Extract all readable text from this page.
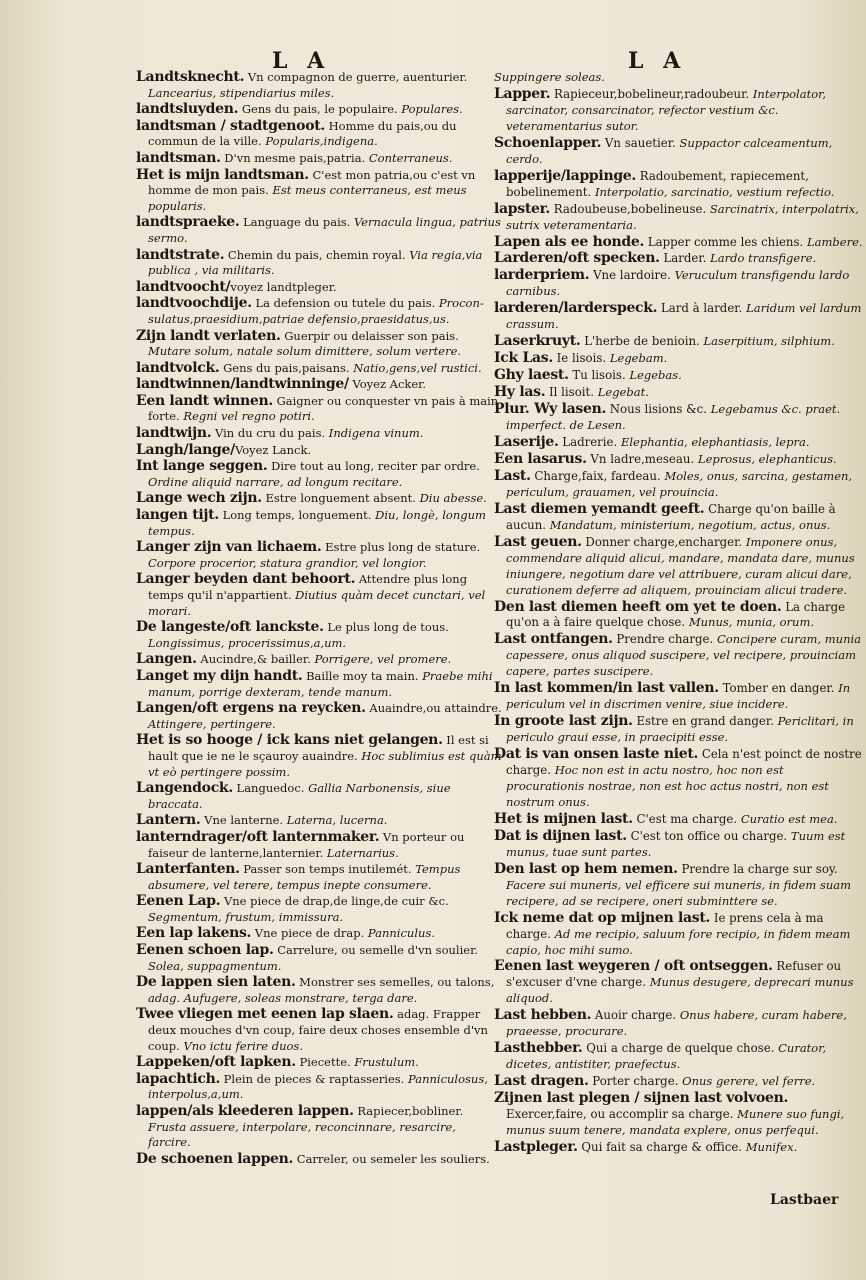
L A	L A
Landtsknecht. Vn compagnon de guerre, auenturier. Lancearius, stipendiarius miles.
landtsluyden. Gens du pais, le populaire. Populares.
landtsman / stadtgenoot. Homme du pais,ou du commun de la ville. Popularis,indigena.
landtsman. D'vn mesme pais,patria. Conterraneus.
Het is mijn landtsman. C'est mon patria,ou c'est vn homme de mon pais. Est meus conterraneus, est meus popularis.
landtspraeke. Language du pais. Vernacula lingua, patrius sermo.
landtstrate. Chemin du pais, chemin royal. Via regia,via publica , via militaris.
landtvoocht/voyez landtpleger.
landtvoochdije. La defension ou tutele du pais. Procon-sulatus,praesidium,patriae defensio,praesidatus,us.
Zijn landt verlaten. Guerpir ou delaisser son pais. Mutare solum, natale solum dimittere, solum vertere.
landtvolck. Gens du pais,paisans. Natio,gens,vel rustici.
landtwinnen/landtwinninge/ Voyez Acker.
Een landt winnen. Gaigner ou conquester vn pais à main forte. Regni vel regno potiri.
landtwijn. Vin du cru du pais. Indigena vinum.
Langh/lange/Voyez Lanck.
Int lange seggen. Dire tout au long, reciter par ordre. Ordine aliquid narrare, ad longum recitare.
Lange wech zijn. Estre longuement absent. Diu abesse.
langen tijt. Long temps, longuement. Diu, longè, longum tempus.
Langer zijn van lichaem. Estre plus long de stature. Corpore procerior, statura grandior, vel longior.
Langer beyden dant behoort. Attendre plus long temps qu'il n'appartient. Diutius quàm decet cunctari, vel morari.
De langeste/oft lanckste. Le plus long de tous. Longissimus, procerissimus,a,um.
Langen. Aucindre,& bailler. Porrigere, vel promere.
Langet my dijn handt. Baille moy ta main. Praebe mihi manum, porrige dexteram, tende manum.
Langen/oft ergens na reycken. Auaindre,ou attaindre. Attingere, pertingere.
Het is so hooge / ick kans niet gelangen. Il est si hault que ie ne le sçauroy auaindre. Hoc sublimius est quàm vt eò pertingere possim.
Langendock. Languedoc. Gallia Narbonensis, siue braccata.
Lantern. Vne lanterne. Laterna, lucerna.
lanterndrager/oft lanternmaker. Vn porteur ou faiseur de lanterne,lanternier. Laternarius.
Lanterfanten. Passer son temps inutilemét. Tempus absumere, vel terere, tempus inepte consumere.
Eenen Lap. Vne piece de drap,de linge,de cuir &c. Segmentum, frustum, immissura.
Een lap lakens. Vne piece de drap. Panniculus.
Eenen schoen lap. Carrelure, ou semelle d'vn soulier. Solea, suppagmentum.
De lappen sien laten. Monstrer ses semelles, ou talons, adag. Aufugere, soleas monstrare, terga dare.
Twee vliegen met eenen lap slaen. adag. Frapper deux mouches d'vn coup, faire deux choses ensemble d'vn coup. Vno ictu ferire duos.
Lappeken/oft lapken. Piecette. Frustulum.
lapachtich. Plein de pieces & raptasseries. Panniculosus, interpolus,a,um.
lappen/als kleederen lappen. Rapiecer,bobliner. Frusta assuere, interpolare, reconcinnare, resarcire, farcire.
De schoenen lappen. Carreler, ou semeler les souliers.
Suppingere soleas.
Lapper. Rapieceur,bobelineur,radoubeur. Interpolator, sarcinator, consarcinator, refector vestium &c. veteramentarius sutor.
Schoenlapper. Vn sauetier. Suppactor calceamentum, cerdo.
lapperije/lappinge. Radoubement, rapiecement, bobelinement. Interpolatio, sarcinatio, vestium refectio.
lapster. Radoubeuse,bobelineuse. Sarcinatrix, interpolatrix, sutrix veteramentaria.
Lapen als ee honde. Lapper comme les chiens. Lambere.
Larderen/oft specken. Larder. Lardo transfigere.
larderpriem. Vne lardoire. Veruculum transfigendu lardo carnibus.
larderen/larderspeck. Lard à larder. Laridum vel lardum crassum.
Laserkruyt. L'herbe de benioin. Laserpitium, silphium.
Ick Las. Ie lisois. Legebam.
Ghy laest. Tu lisois. Legebas.
Hy las. Il lisoit. Legebat.
Plur. Wy lasen. Nous lisions &c. Legebamus &c. praet. imperfect. de Lesen.
Laserije. Ladrerie. Elephantia, elephantiasis, lepra.
Een lasarus. Vn ladre,meseau. Leprosus, elephanticus.
Last. Charge,faix, fardeau. Moles, onus, sarcina, gestamen, periculum, grauamen, vel prouincia.
Last diemen yemandt geeft. Charge qu'on baille à aucun. Mandatum, ministerium, negotium, actus, onus.
Last geuen. Donner charge,encharger. Imponere onus, commendare aliquid alicui, mandare, mandata dare, munus iniungere, negotium dare vel attribuere, curam alicui dare, curationem deferre ad aliquem, prouinciam alicui tradere.
Den last diemen heeft om yet te doen. La charge qu'on a à faire quelque chose. Munus, munia, orum.
Last ontfangen. Prendre charge. Concipere curam, munia capessere, onus aliquod suscipere, vel recipere, prouinciam capere, partes suscipere.
In last kommen/in last vallen. Tomber en danger. In periculum vel in discrimen venire, siue incidere.
In groote last zijn. Estre en grand danger. Periclitari, in periculo graui esse, in praecipiti esse.
Dat is van onsen laste niet. Cela n'est poinct de nostre charge. Hoc non est in actu nostro, hoc non est procurationis nostrae, non est hoc actus nostri, non est nostrum onus.
Het is mijnen last. C'est ma charge. Curatio est mea.
Dat is dijnen last. C'est ton office ou charge. Tuum est munus, tuae sunt partes.
Den last op hem nemen. Prendre la charge sur soy. Facere sui muneris, vel efficere sui muneris, in fidem suam recipere, ad se recipere, oneri subminttere se.
Ick neme dat op mijnen last. Ie prens cela à ma charge. Ad me recipio, saluum fore recipio, in fidem meam capio, hoc mihi sumo.
Eenen last weygeren / oft ontseggen. Refuser ou s'excuser d'vne charge. Munus desugere, deprecari munus aliquod.
Last hebben. Auoir charge. Onus habere, curam habere, praeesse, procurare.
Lasthebber. Qui a charge de quelque chose. Curator, dicetes, antistiter, praefectus.
Last dragen. Porter charge. Onus gerere, vel ferre.
Zijnen last plegen / sijnen last volvoen. Exercer,faire, ou accomplir sa charge. Munere suo fungi, munus suum tenere, mandata explere, onus perfequi.
Lastpleger. Qui fait sa charge & office. Munifex.
Lastbaer
